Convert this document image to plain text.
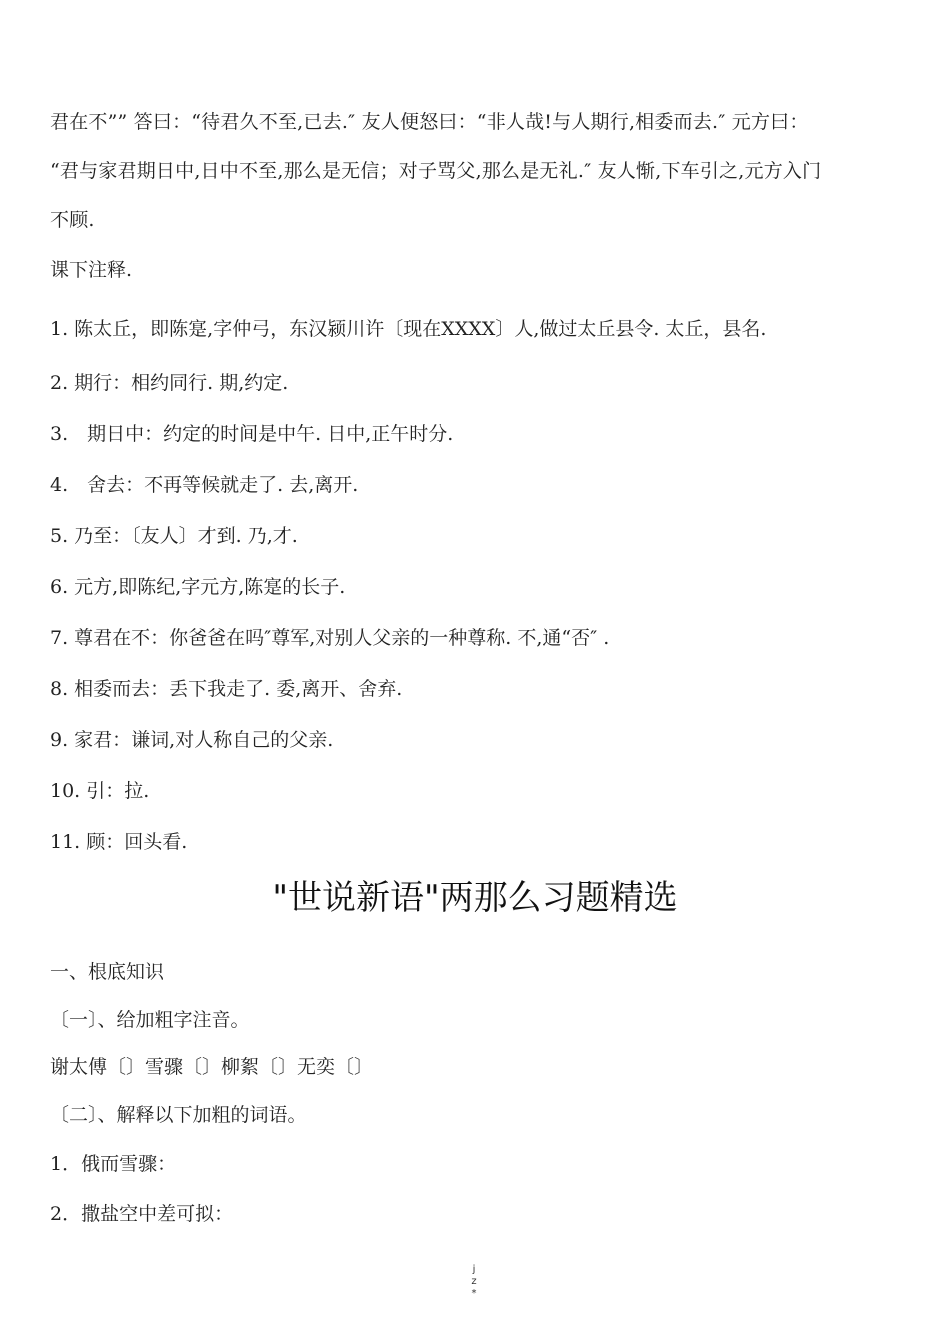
君在不”” 答曰：“待君久不至,已去.″ 友人便怒曰：“非人哉!与人期行,相委而去.″ 元方曰：
“君与家君期日中,日中不至,那么是无信；对子骂父,那么是无礼.″ 友人惭,下车引之,元方入门
不顾.
课下注释.
1. 陈太丘，即陈寔,字仲弓，东汉颍川许〔现在XXXX〕人,做过太丘县令. 太丘，县名.
2. 期行：相约同行. 期,约定.
3.　期日中：约定的时间是中午. 日中,正午时分.
4.　舍去：不再等候就走了. 去,离开.
5. 乃至：〔友人〕才到. 乃,才.
6. 元方,即陈纪,字元方,陈寔的长子.
7. 尊君在不：你爸爸在吗″尊军,对别人父亲的一种尊称. 不,通“否″ .
8. 相委而去：丢下我走了. 委,离开、舍弃.
9. 家君：谦词,对人称自己的父亲.
10. 引：拉.
11. 顾：回头看.
"世说新语"两那么习题精选
一、根底知识
〔一〕、给加粗字注音。
谢太傅〔〕雪骤〔〕柳絮〔〕无奕〔〕
〔二〕、解释以下加粗的词语。
1．俄而雪骤：
2．撒盐空中差可拟：
j
z
*
